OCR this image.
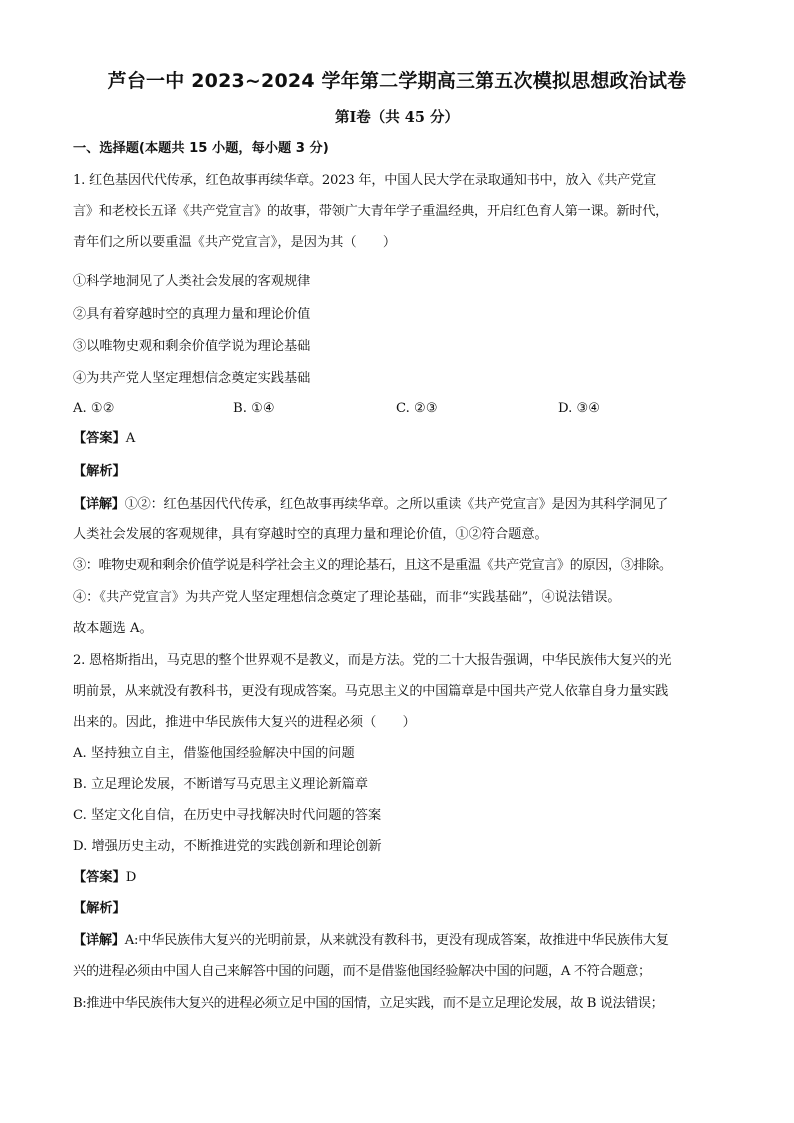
芦台一中 2023~2024 学年第二学期高三第五次模拟思想政治试卷
第Ⅰ卷（共 45 分）
一、选择题(本题共 15 小题，每小题 3 分)
1. 红色基因代代传承，红色故事再续华章。2023 年，中国人民大学在录取通知书中，放入《共产党宣
言》和老校长五译《共产党宣言》的故事，带领广大青年学子重温经典，开启红色育人第一课。新时代，
青年们之所以要重温《共产党宣言》，是因为其（　　）
①科学地洞见了人类社会发展的客观规律
②具有着穿越时空的真理力量和理论价值
③以唯物史观和剩余价值学说为理论基础
④为共产党人坚定理想信念奠定实践基础
A. ①②	B. ①④	C. ②③	D. ③④
【答案】A
【解析】
【详解】①②：红色基因代代传承，红色故事再续华章。之所以重读《共产党宣言》是因为其科学洞见了
人类社会发展的客观规律，具有穿越时空的真理力量和理论价值，①②符合题意。
③：唯物史观和剩余价值学说是科学社会主义的理论基石，且这不是重温《共产党宣言》的原因，③排除。
④：《共产党宣言》为共产党人坚定理想信念奠定了理论基础，而非“实践基础”，④说法错误。
故本题选 A。
2. 恩格斯指出，马克思的整个世界观不是教义，而是方法。党的二十大报告强调，中华民族伟大复兴的光
明前景，从来就没有教科书，更没有现成答案。马克思主义的中国篇章是中国共产党人依靠自身力量实践
出来的。因此，推进中华民族伟大复兴的进程必须（　　）
A. 坚持独立自主，借鉴他国经验解决中国的问题
B. 立足理论发展，不断谱写马克思主义理论新篇章
C. 坚定文化自信，在历史中寻找解决时代问题的答案
D. 增强历史主动，不断推进党的实践创新和理论创新
【答案】D
【解析】
【详解】A:中华民族伟大复兴的光明前景，从来就没有教科书，更没有现成答案，故推进中华民族伟大复
兴的进程必须由中国人自己来解答中国的问题，而不是借鉴他国经验解决中国的问题，A 不符合题意；
B:推进中华民族伟大复兴的进程必须立足中国的国情，立足实践，而不是立足理论发展，故 B 说法错误；
